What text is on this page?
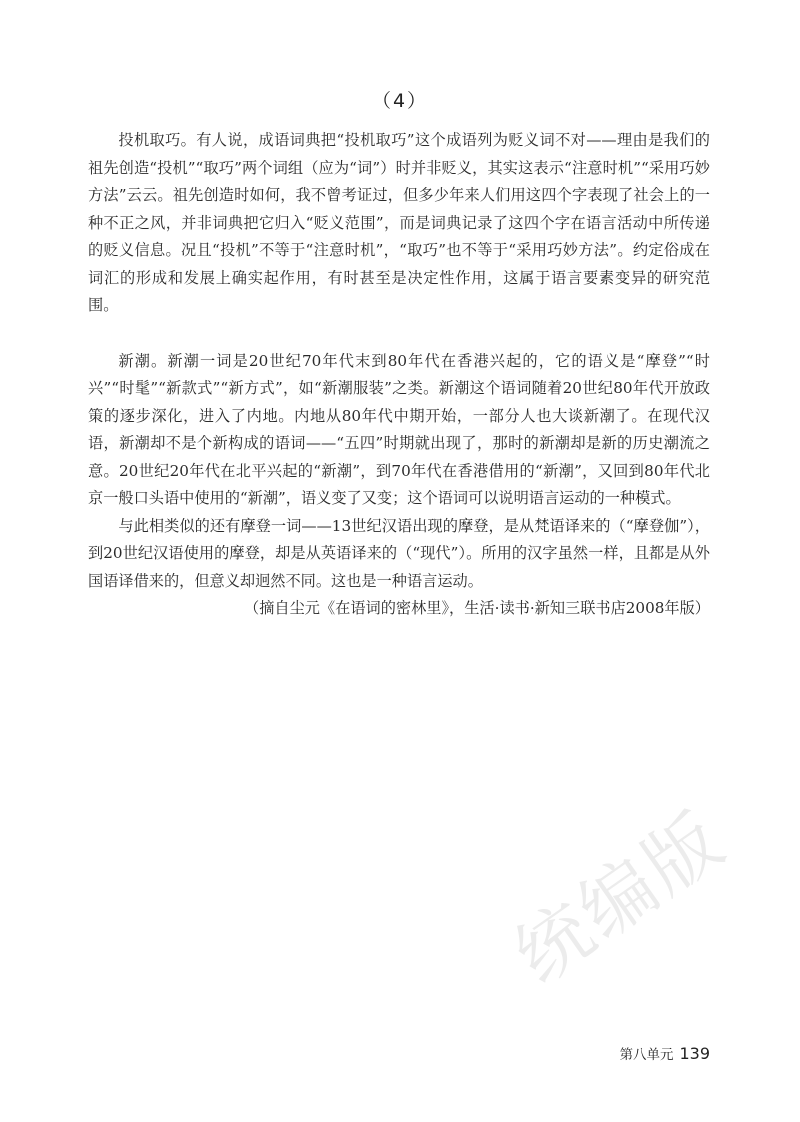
（4）

投机取巧。有人说，成语词典把“投机取巧”这个成语列为贬义词不对——理由是我们的祖先创造“投机”“取巧”两个词组（应为“词”）时并非贬义，其实这表示“注意时机”“采用巧妙方法”云云。祖先创造时如何，我不曾考证过，但多少年来人们用这四个字表现了社会上的一种不正之风，并非词典把它归入“贬义范围”，而是词典记录了这四个字在语言活动中所传递的贬义信息。况且“投机”不等于“注意时机”，“取巧”也不等于“采用巧妙方法”。约定俗成在词汇的形成和发展上确实起作用，有时甚至是决定性作用，这属于语言要素变异的研究范围。

新潮。新潮一词是20世纪70年代末到80年代在香港兴起的，它的语义是“摩登”“时兴”“时髦”“新款式”“新方式”，如“新潮服装”之类。新潮这个语词随着20世纪80年代开放政策的逐步深化，进入了内地。内地从80年代中期开始，一部分人也大谈新潮了。在现代汉语，新潮却不是个新构成的语词——“五四”时期就出现了，那时的新潮却是新的历史潮流之意。20世纪20年代在北平兴起的“新潮”，到70年代在香港借用的“新潮”，又回到80年代北京一般口头语中使用的“新潮”，语义变了又变；这个语词可以说明语言运动的一种模式。

与此相类似的还有摩登一词——13世纪汉语出现的摩登，是从梵语译来的（“摩登伽”），到20世纪汉语使用的摩登，却是从英语译来的（“现代”）。所用的汉字虽然一样，且都是从外国语译借来的，但意义却迥然不同。这也是一种语言运动。

（摘自尘元《在语词的密林里》，生活·读书·新知三联书店2008年版）

统编版
第八单元 139
